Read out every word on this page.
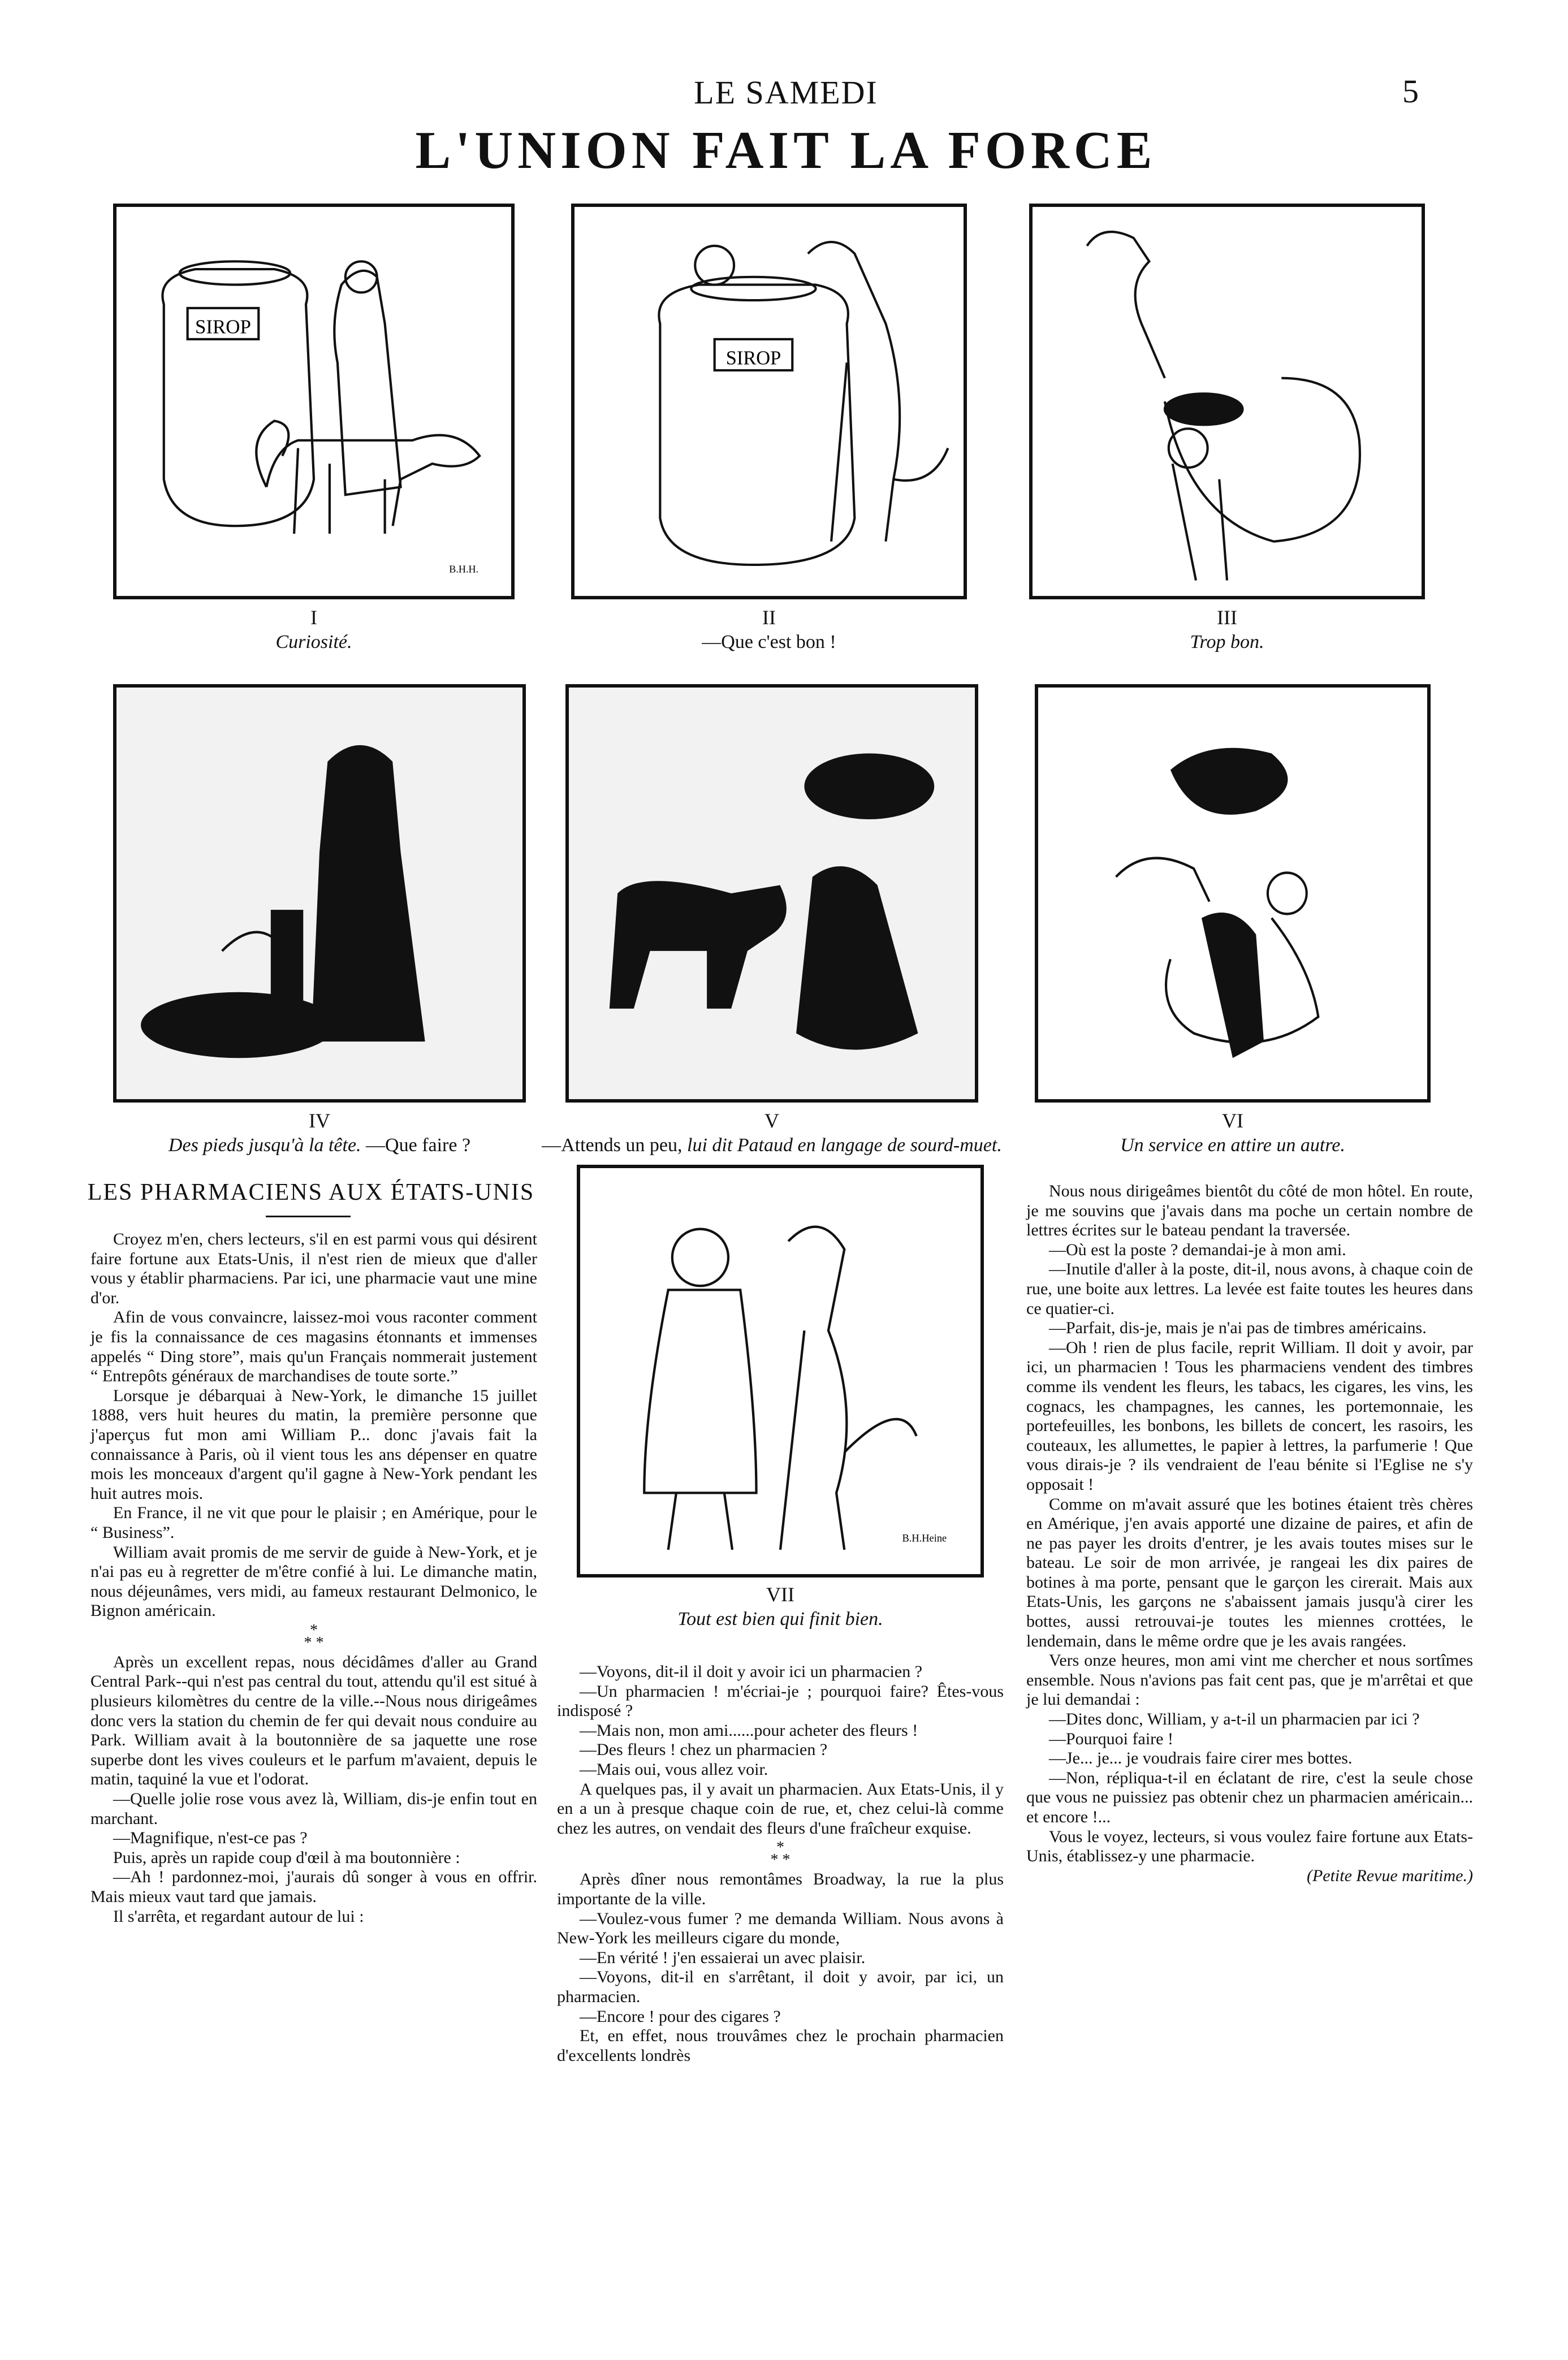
LE SAMEDI	5
L'UNION FAIT LA FORCE
SIROP
B.H.H.
I
Curiosité.
SIROP
II
—Que c'est bon !
III
Trop bon.
IV
Des pieds jusqu'à la tête. —Que faire ?
V
—Attends un peu, lui dit Pataud en langage de sourd-muet.
VI
Un service en attire un autre.
LES PHARMACIENS AUX ÉTATS-UNIS
B.H.Heine
VII
Tout est bien qui finit bien.

Croyez m'en, chers lecteurs, s'il en est parmi vous qui désirent faire fortune aux Etats-Unis, il n'est rien de mieux que d'aller vous y établir pharmaciens. Par ici, une pharmacie vaut une mine d'or.

Afin de vous convaincre, laissez-moi vous raconter comment je fis la connaissance de ces magasins étonnants et immenses appelés “ Ding store”, mais qu'un Français nommerait justement “ Entrepôts généraux de marchandises de toute sorte.”

Lorsque je débarquai à New-York, le dimanche 15 juillet 1888, vers huit heures du matin, la première personne que j'aperçus fut mon ami William P... donc j'avais fait la connaissance à Paris, où il vient tous les ans dépenser en quatre mois les monceaux d'argent qu'il gagne à New-York pendant les huit autres mois.

En France, il ne vit que pour le plaisir ; en Amérique, pour le “ Business”.

William avait promis de me servir de guide à New-York, et je n'ai pas eu à regretter de m'être confié à lui. Le dimanche matin, nous déjeunâmes, vers midi, au fameux restaurant Delmonico, le Bignon américain.

*
* *

Après un excellent repas, nous décidâmes d'aller au Grand Central Park--qui n'est pas central du tout, attendu qu'il est situé à plusieurs kilomètres du centre de la ville.--Nous nous dirigeâmes donc vers la station du chemin de fer qui devait nous conduire au Park. William avait à la boutonnière de sa jaquette une rose superbe dont les vives couleurs et le parfum m'avaient, depuis le matin, taquiné la vue et l'odorat.

—Quelle jolie rose vous avez là, William, dis-je enfin tout en marchant.

—Magnifique, n'est-ce pas ?

Puis, après un rapide coup d'œil à ma boutonnière :

—Ah ! pardonnez-moi, j'aurais dû songer à vous en offrir. Mais mieux vaut tard que jamais.

Il s'arrêta, et regardant autour de lui :

—Voyons, dit-il il doit y avoir ici un pharmacien ?

—Un pharmacien ! m'écriai-je ; pourquoi faire? Êtes-vous indisposé ?

—Mais non, mon ami......pour acheter des fleurs !

—Des fleurs ! chez un pharmacien ?

—Mais oui, vous allez voir.

A quelques pas, il y avait un pharmacien. Aux Etats-Unis, il y en a un à presque chaque coin de rue, et, chez celui-là comme chez les autres, on vendait des fleurs d'une fraîcheur exquise.

*
* *

Après dîner nous remontâmes Broadway, la rue la plus importante de la ville.

—Voulez-vous fumer ? me demanda William. Nous avons à New-York les meilleurs cigare du monde,

—En vérité ! j'en essaierai un avec plaisir.

—Voyons, dit-il en s'arrêtant, il doit y avoir, par ici, un pharmacien.

—Encore ! pour des cigares ?

Et, en effet, nous trouvâmes chez le prochain pharmacien d'excellents londrès

Nous nous dirigeâmes bientôt du côté de mon hôtel. En route, je me souvins que j'avais dans ma poche un certain nombre de lettres écrites sur le bateau pendant la traversée.

—Où est la poste ? demandai-je à mon ami.

—Inutile d'aller à la poste, dit-il, nous avons, à chaque coin de rue, une boite aux lettres. La levée est faite toutes les heures dans ce quatier-ci.

—Parfait, dis-je, mais je n'ai pas de timbres américains.

—Oh ! rien de plus facile, reprit William. Il doit y avoir, par ici, un pharmacien ! Tous les pharmaciens vendent des timbres comme ils vendent les fleurs, les tabacs, les cigares, les vins, les cognacs, les champagnes, les cannes, les portemonnaie, les portefeuilles, les bonbons, les billets de concert, les rasoirs, les couteaux, les allumettes, le papier à lettres, la parfumerie ! Que vous dirais-je ? ils vendraient de l'eau bénite si l'Eglise ne s'y opposait !

Comme on m'avait assuré que les botines étaient très chères en Amérique, j'en avais apporté une dizaine de paires, et afin de ne pas payer les droits d'entrer, je les avais toutes mises sur le bateau. Le soir de mon arrivée, je rangeai les dix paires de botines à ma porte, pensant que le garçon les cirerait. Mais aux Etats-Unis, les garçons ne s'abaissent jamais jusqu'à cirer les bottes, aussi retrouvai-je toutes les miennes crottées, le lendemain, dans le même ordre que je les avais rangées.

Vers onze heures, mon ami vint me chercher et nous sortîmes ensemble. Nous n'avions pas fait cent pas, que je m'arrêtai et que je lui demandai :

—Dites donc, William, y a-t-il un pharmacien par ici ?

—Pourquoi faire !

—Je... je... je voudrais faire cirer mes bottes.

—Non, répliqua-t-il en éclatant de rire, c'est la seule chose que vous ne puissiez pas obtenir chez un pharmacien américain... et encore !...

Vous le voyez, lecteurs, si vous voulez faire fortune aux Etats-Unis, établissez-y une pharmacie.

(Petite Revue maritime.)
